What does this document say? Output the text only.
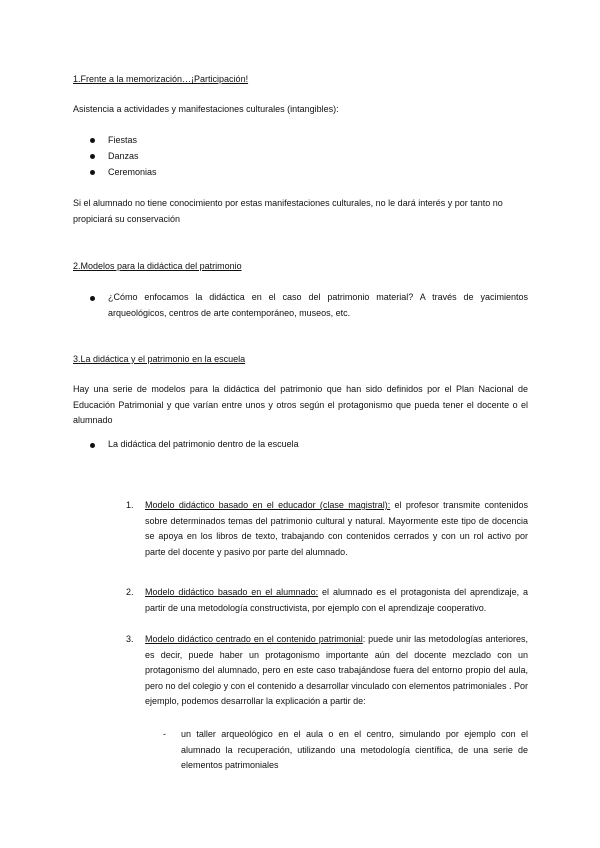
1.Frente a la memorización…¡Participación!

Asistencia a actividades y manifestaciones culturales (intangibles):

Fiestas

Danzas

Ceremonias

Si el alumnado no tiene conocimiento por estas manifestaciones culturales, no le dará interés y por tanto no propiciará su conservación

2.Modelos para la didáctica del patrimonio

¿Cómo enfocamos la didáctica en el caso del patrimonio material? A través de yacimientos arqueológicos, centros de arte contemporáneo, museos, etc.

3.La didáctica y el patrimonio en la escuela

Hay una serie de modelos para la didáctica del patrimonio que han sido definidos por el Plan Nacional de Educación Patrimonial y que varían entre unos y otros según el protagonismo que pueda tener el docente o el alumnado

La didáctica del patrimonio dentro de la escuela

1. Modelo didáctico basado en el educador (clase magistral): el profesor transmite contenidos sobre determinados temas del patrimonio cultural y natural. Mayormente este tipo de docencia se apoya en los libros de texto, trabajando con contenidos cerrados y con un rol activo por parte del docente y pasivo por parte del alumnado.

2. Modelo didáctico basado en el alumnado: el alumnado es el protagonista del aprendizaje, a partir de una metodología constructivista, por ejemplo con el aprendizaje cooperativo.

3. Modelo didáctico centrado en el contenido patrimonial: puede unir las metodologías anteriores, es decir, puede haber un protagonismo importante aún del docente mezclado con un protagonismo del alumnado, pero en este caso trabajándose fuera del entorno propio del aula, pero no del colegio y con el contenido a desarrollar vinculado con elementos patrimoniales . Por ejemplo, podemos desarrollar la explicación a partir de:

- un taller arqueológico en el aula o en el centro, simulando por ejemplo con el alumnado la recuperación, utilizando una metodología científica, de una serie de elementos patrimoniales
